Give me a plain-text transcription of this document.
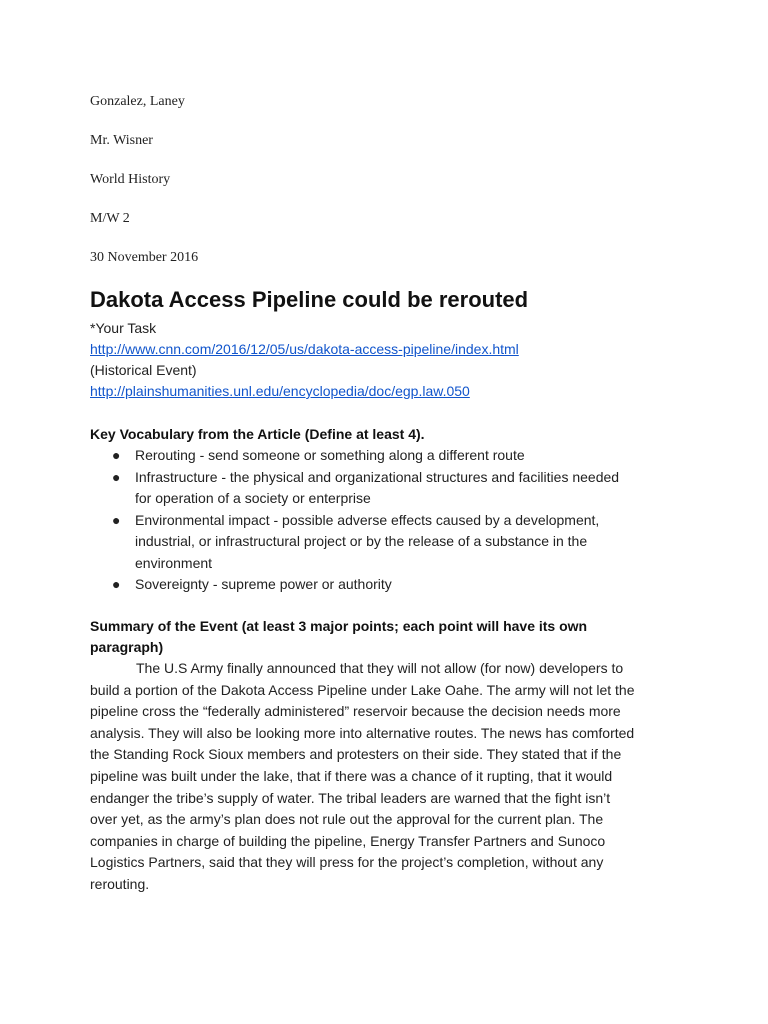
Gonzalez, Laney
Mr. Wisner
World History
M/W 2
30 November 2016
Dakota Access Pipeline could be rerouted
*Your Task
http://www.cnn.com/2016/12/05/us/dakota-access-pipeline/index.html
(Historical Event)
http://plainshumanities.unl.edu/encyclopedia/doc/egp.law.050
Key Vocabulary from the Article (Define at least 4).
● Rerouting - send someone or something along a different route
● Infrastructure - the physical and organizational structures and facilities needed
for operation of a society or enterprise
● Environmental impact - possible adverse effects caused by a development,
industrial, or infrastructural project or by the release of a substance in the
environment
● Sovereignty - supreme power or authority
Summary of the Event (at least 3 major points; each point will have its own
paragraph)
The U.S Army finally announced that they will not allow (for now) developers to
build a portion of the Dakota Access Pipeline under Lake Oahe. The army will not let the
pipeline cross the “federally administered” reservoir because the decision needs more
analysis. They will also be looking more into alternative routes. The news has comforted
the Standing Rock Sioux members and protesters on their side. They stated that if the
pipeline was built under the lake, that if there was a chance of it rupting, that it would
endanger the tribe’s supply of water. The tribal leaders are warned that the fight isn’t
over yet, as the army’s plan does not rule out the approval for the current plan. The
companies in charge of building the pipeline, Energy Transfer Partners and Sunoco
Logistics Partners, said that they will press for the project’s completion, without any
rerouting.
